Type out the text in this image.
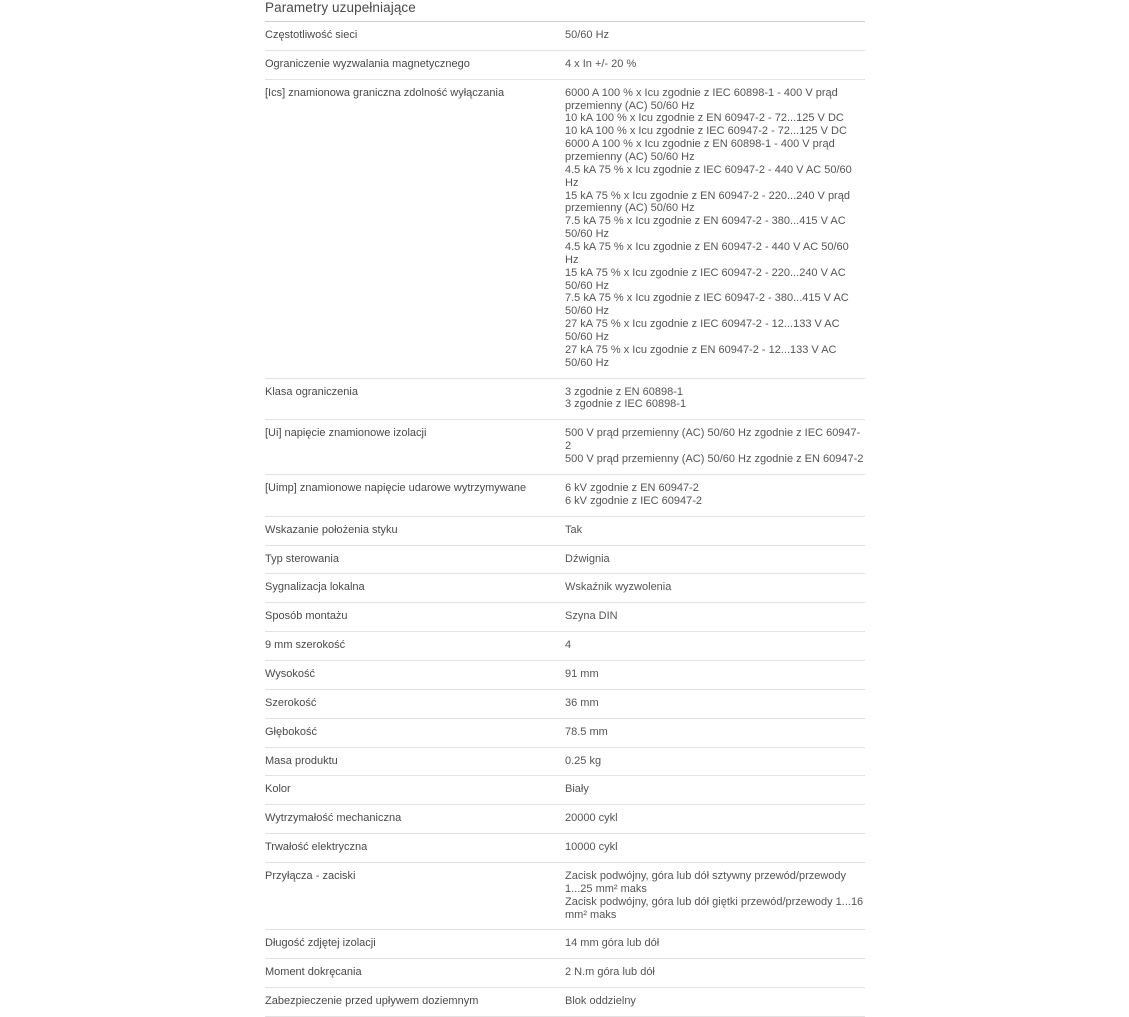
Parametry uzupełniające
Częstotliwość sieci	50/60 Hz

Ograniczenie wyzwalania magnetycznego	4 x In +/- 20 %

[Ics] znamionowa graniczna zdolność wyłączania	6000 A 100 % x Icu zgodnie z IEC 60898-1 - 400 V prąd przemienny (AC) 50/60 Hz
10 kA 100 % x Icu zgodnie z EN 60947-2 - 72...125 V DC
10 kA 100 % x Icu zgodnie z IEC 60947-2 - 72...125 V DC
6000 A 100 % x Icu zgodnie z EN 60898-1 - 400 V prąd przemienny (AC) 50/60 Hz
4.5 kA 75 % x Icu zgodnie z IEC 60947-2 - 440 V AC 50/60 Hz
15 kA 75 % x Icu zgodnie z EN 60947-2 - 220...240 V prąd przemienny (AC) 50/60 Hz
7.5 kA 75 % x Icu zgodnie z EN 60947-2 - 380...415 V AC 50/60 Hz
4.5 kA 75 % x Icu zgodnie z EN 60947-2 - 440 V AC 50/60 Hz
15 kA 75 % x Icu zgodnie z IEC 60947-2 - 220...240 V AC 50/60 Hz
7.5 kA 75 % x Icu zgodnie z IEC 60947-2 - 380...415 V AC 50/60 Hz
27 kA 75 % x Icu zgodnie z IEC 60947-2 - 12...133 V AC 50/60 Hz
27 kA 75 % x Icu zgodnie z EN 60947-2 - 12...133 V AC 50/60 Hz

Klasa ograniczenia	3 zgodnie z EN 60898-1
3 zgodnie z IEC 60898-1

[Ui] napięcie znamionowe izolacji	500 V prąd przemienny (AC) 50/60 Hz zgodnie z IEC 60947-2
500 V prąd przemienny (AC) 50/60 Hz zgodnie z EN 60947-2

[Uimp] znamionowe napięcie udarowe wytrzymywane	6 kV zgodnie z EN 60947-2
6 kV zgodnie z IEC 60947-2

Wskazanie położenia styku	Tak

Typ sterowania	Dźwignia

Sygnalizacja lokalna	Wskaźnik wyzwolenia

Sposób montażu	Szyna DIN

9 mm szerokość	4

Wysokość	91 mm

Szerokość	36 mm

Głębokość	78.5 mm

Masa produktu	0.25 kg

Kolor	Biały

Wytrzymałość mechaniczna	20000 cykl

Trwałość elektryczna	10000 cykl

Przyłącza - zaciski	Zacisk podwójny, góra lub dół sztywny przewód/przewody 1...25 mm² maks
Zacisk podwójny, góra lub dół giętki przewód/przewody 1...16 mm² maks

Długość zdjętej izolacji	14 mm góra lub dół

Moment dokręcania	2 N.m góra lub dół

Zabezpieczenie przed upływem doziemnym	Blok oddzielny
